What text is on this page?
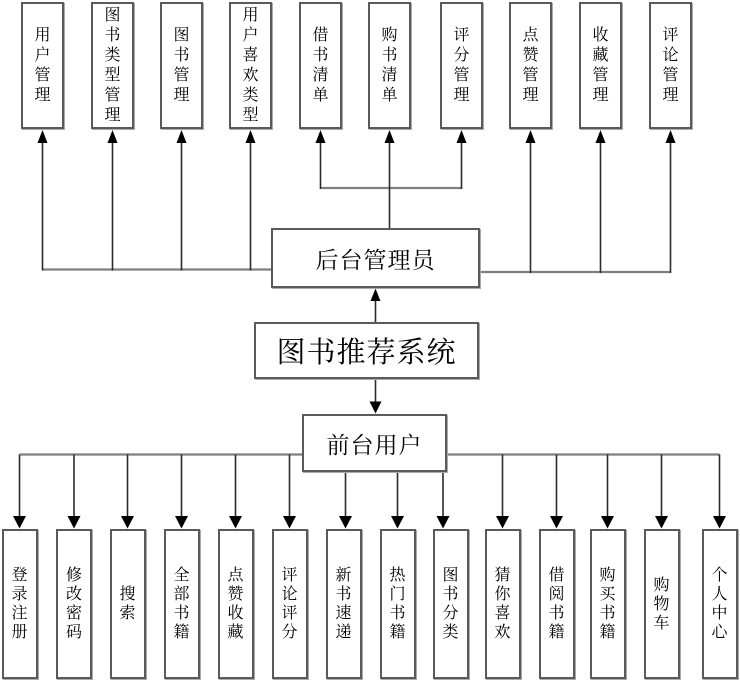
用户管理
图书类型管理
图书管理
用户喜欢类型
借书清单
购书清单
评分管理
点赞管理
收藏管理
评论管理
后台管理员
图书推荐系统
前台用户
登录注册
修改密码
搜索
全部书籍
点赞收藏
评论评分
新书速递
热门书籍
图书分类
猜你喜欢
借阅书籍
购买书籍
购物车
个人中心
